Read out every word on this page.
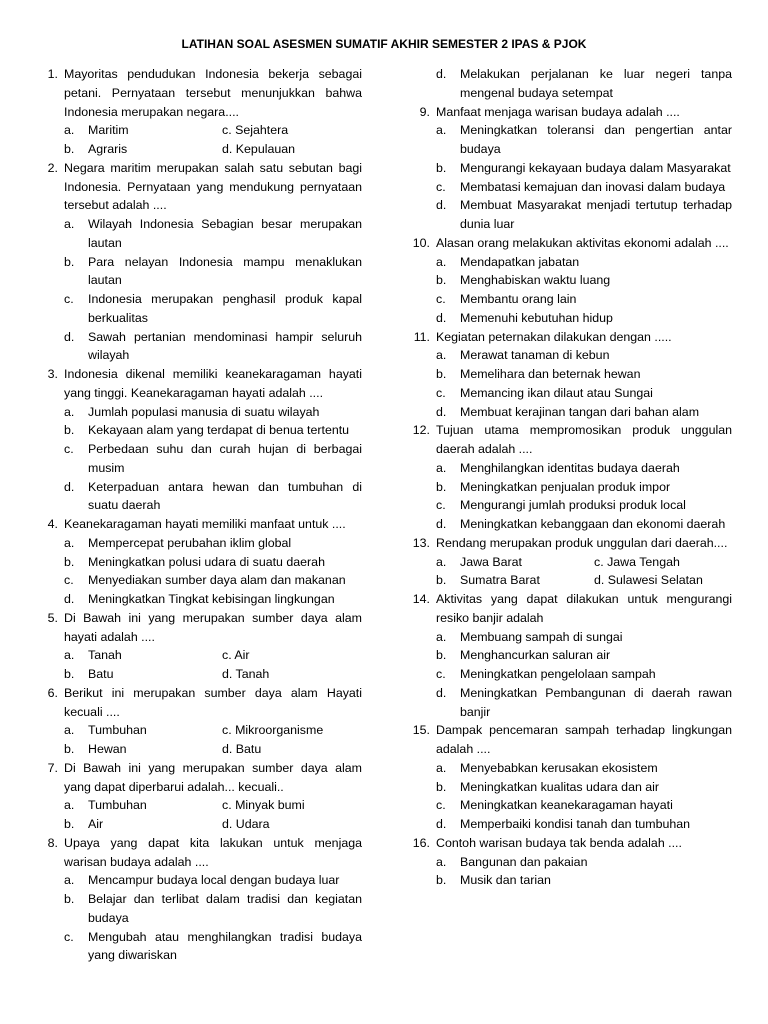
LATIHAN SOAL ASESMEN SUMATIF AKHIR SEMESTER 2 IPAS & PJOK
1. Mayoritas pendudukan Indonesia bekerja sebagai petani. Pernyataan tersebut menunjukkan bahwa Indonesia merupakan negara....
a. Maritim	c. Sejahtera
b. Agraris	d. Kepulauan
2. Negara maritim merupakan salah satu sebutan bagi Indonesia. Pernyataan yang mendukung pernyataan tersebut adalah ....
a. Wilayah Indonesia Sebagian besar merupakan lautan
b. Para nelayan Indonesia mampu menaklukan lautan
c. Indonesia merupakan penghasil produk kapal berkualitas
d. Sawah pertanian mendominasi hampir seluruh wilayah
3. Indonesia dikenal memiliki keanekaragaman hayati yang tinggi. Keanekaragaman hayati adalah ....
a. Jumlah populasi manusia di suatu wilayah
b. Kekayaan alam yang terdapat di benua tertentu
c. Perbedaan suhu dan curah hujan di berbagai musim
d. Keterpaduan antara hewan dan tumbuhan di suatu daerah
4. Keanekaragaman hayati memiliki manfaat untuk ....
a. Mempercepat perubahan iklim global
b. Meningkatkan polusi udara di suatu daerah
c. Menyediakan sumber daya alam dan makanan
d. Meningkatkan Tingkat kebisingan lingkungan
5. Di Bawah ini yang merupakan sumber daya alam hayati adalah ....
a. Tanah	c. Air
b. Batu	d. Tanah
6. Berikut ini merupakan sumber daya alam Hayati kecuali ....
a. Tumbuhan	c. Mikroorganisme
b. Hewan	d. Batu
7. Di Bawah ini yang merupakan sumber daya alam yang dapat diperbarui adalah... kecuali..
a. Tumbuhan	c. Minyak bumi
b. Air	d. Udara
8. Upaya yang dapat kita lakukan untuk menjaga warisan budaya adalah ....
a. Mencampur budaya local dengan budaya luar
b. Belajar dan terlibat dalam tradisi dan kegiatan budaya
c. Mengubah atau menghilangkan tradisi budaya yang diwariskan
d. Melakukan perjalanan ke luar negeri tanpa mengenal budaya setempat
9. Manfaat menjaga warisan budaya adalah ....
a. Meningkatkan toleransi dan pengertian antar budaya
b. Mengurangi kekayaan budaya dalam Masyarakat
c. Membatasi kemajuan dan inovasi dalam budaya
d. Membuat Masyarakat menjadi tertutup terhadap dunia luar
10. Alasan orang melakukan aktivitas ekonomi adalah ....
a. Mendapatkan jabatan
b. Menghabiskan waktu luang
c. Membantu orang lain
d. Memenuhi kebutuhan hidup
11. Kegiatan peternakan dilakukan dengan .....
a. Merawat tanaman di kebun
b. Memelihara dan beternak hewan
c. Memancing ikan dilaut atau Sungai
d. Membuat kerajinan tangan dari bahan alam
12. Tujuan utama mempromosikan produk unggulan daerah adalah ....
a. Menghilangkan identitas budaya daerah
b. Meningkatkan penjualan produk impor
c. Mengurangi jumlah produksi produk local
d. Meningkatkan kebanggaan dan ekonomi daerah
13. Rendang merupakan produk unggulan dari daerah....
a. Jawa Barat	c. Jawa Tengah
b. Sumatra Barat	d. Sulawesi Selatan
14. Aktivitas yang dapat dilakukan untuk mengurangi resiko banjir adalah
a. Membuang sampah di sungai
b. Menghancurkan saluran air
c. Meningkatkan pengelolaan sampah
d. Meningkatkan Pembangunan di daerah rawan banjir
15. Dampak pencemaran sampah terhadap lingkungan adalah ....
a. Menyebabkan kerusakan ekosistem
b. Meningkatkan kualitas udara dan air
c. Meningkatkan keanekaragaman hayati
d. Memperbaiki kondisi tanah dan tumbuhan
16. Contoh warisan budaya tak benda adalah ....
a. Bangunan dan pakaian
b. Musik dan tarian
